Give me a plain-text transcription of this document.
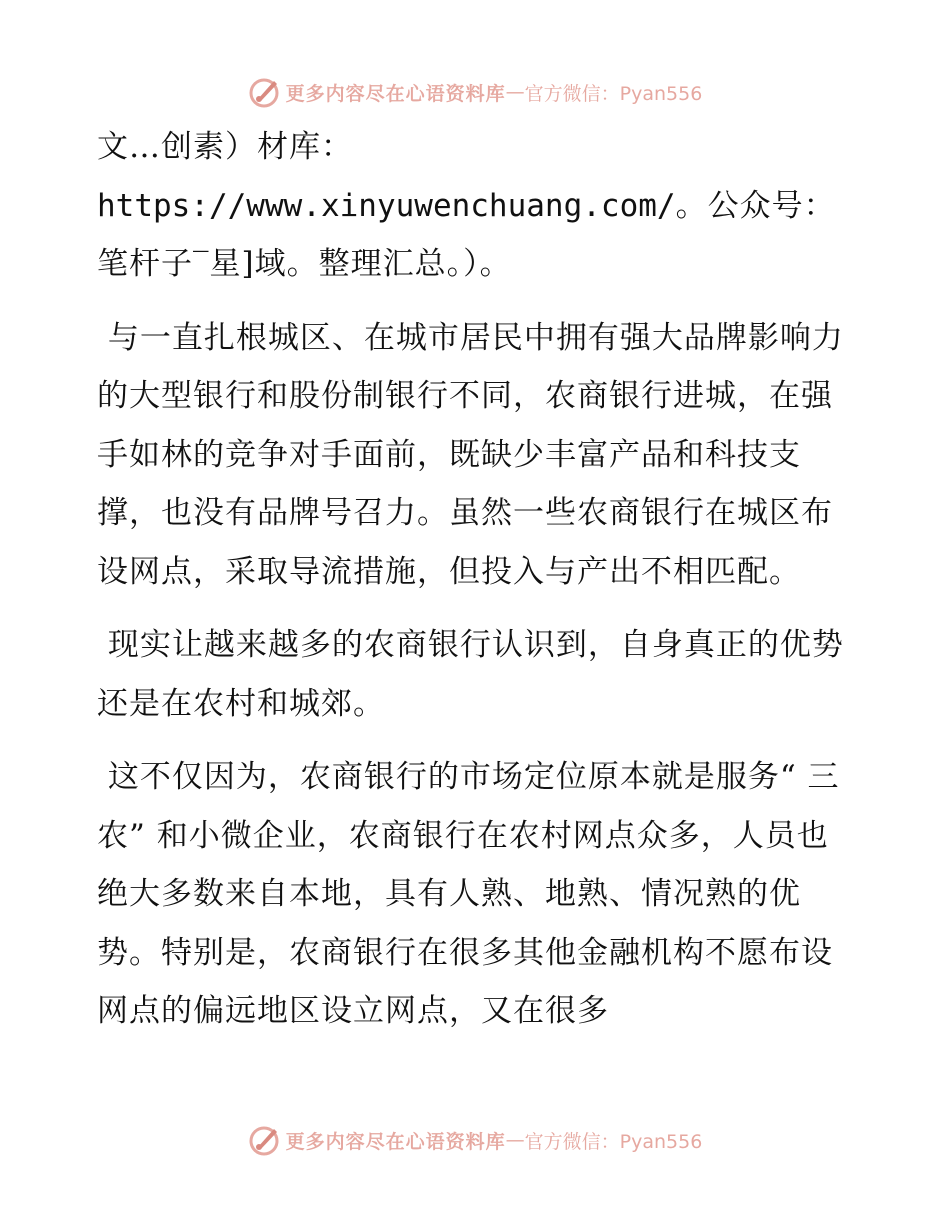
更多内容尽在心语资料库 — 官方微信：Pyan556

文…创素）材库：https://www.xinyuwenchuang.com/。公众号：笔杆子‾星]域。整理汇总。）。

与一直扎根城区、在城市居民中拥有强大品牌影响力的大型银行和股份制银行不同，农商银行进城，在强手如林的竞争对手面前，既缺少丰富产品和科技支撑，也没有品牌号召力。虽然一些农商银行在城区布设网点，采取导流措施，但投入与产出不相匹配。

现实让越来越多的农商银行认识到，自身真正的优势还是在农村和城郊。

这不仅因为，农商银行的市场定位原本就是服务“ 三农” 和小微企业，农商银行在农村网点众多，人员也绝大多数来自本地，具有人熟、地熟、情况熟的优势。特别是，农商银行在很多其他金融机构不愿布设网点的偏远地区设立网点，又在很多

更多内容尽在心语资料库 — 官方微信：Pyan556
